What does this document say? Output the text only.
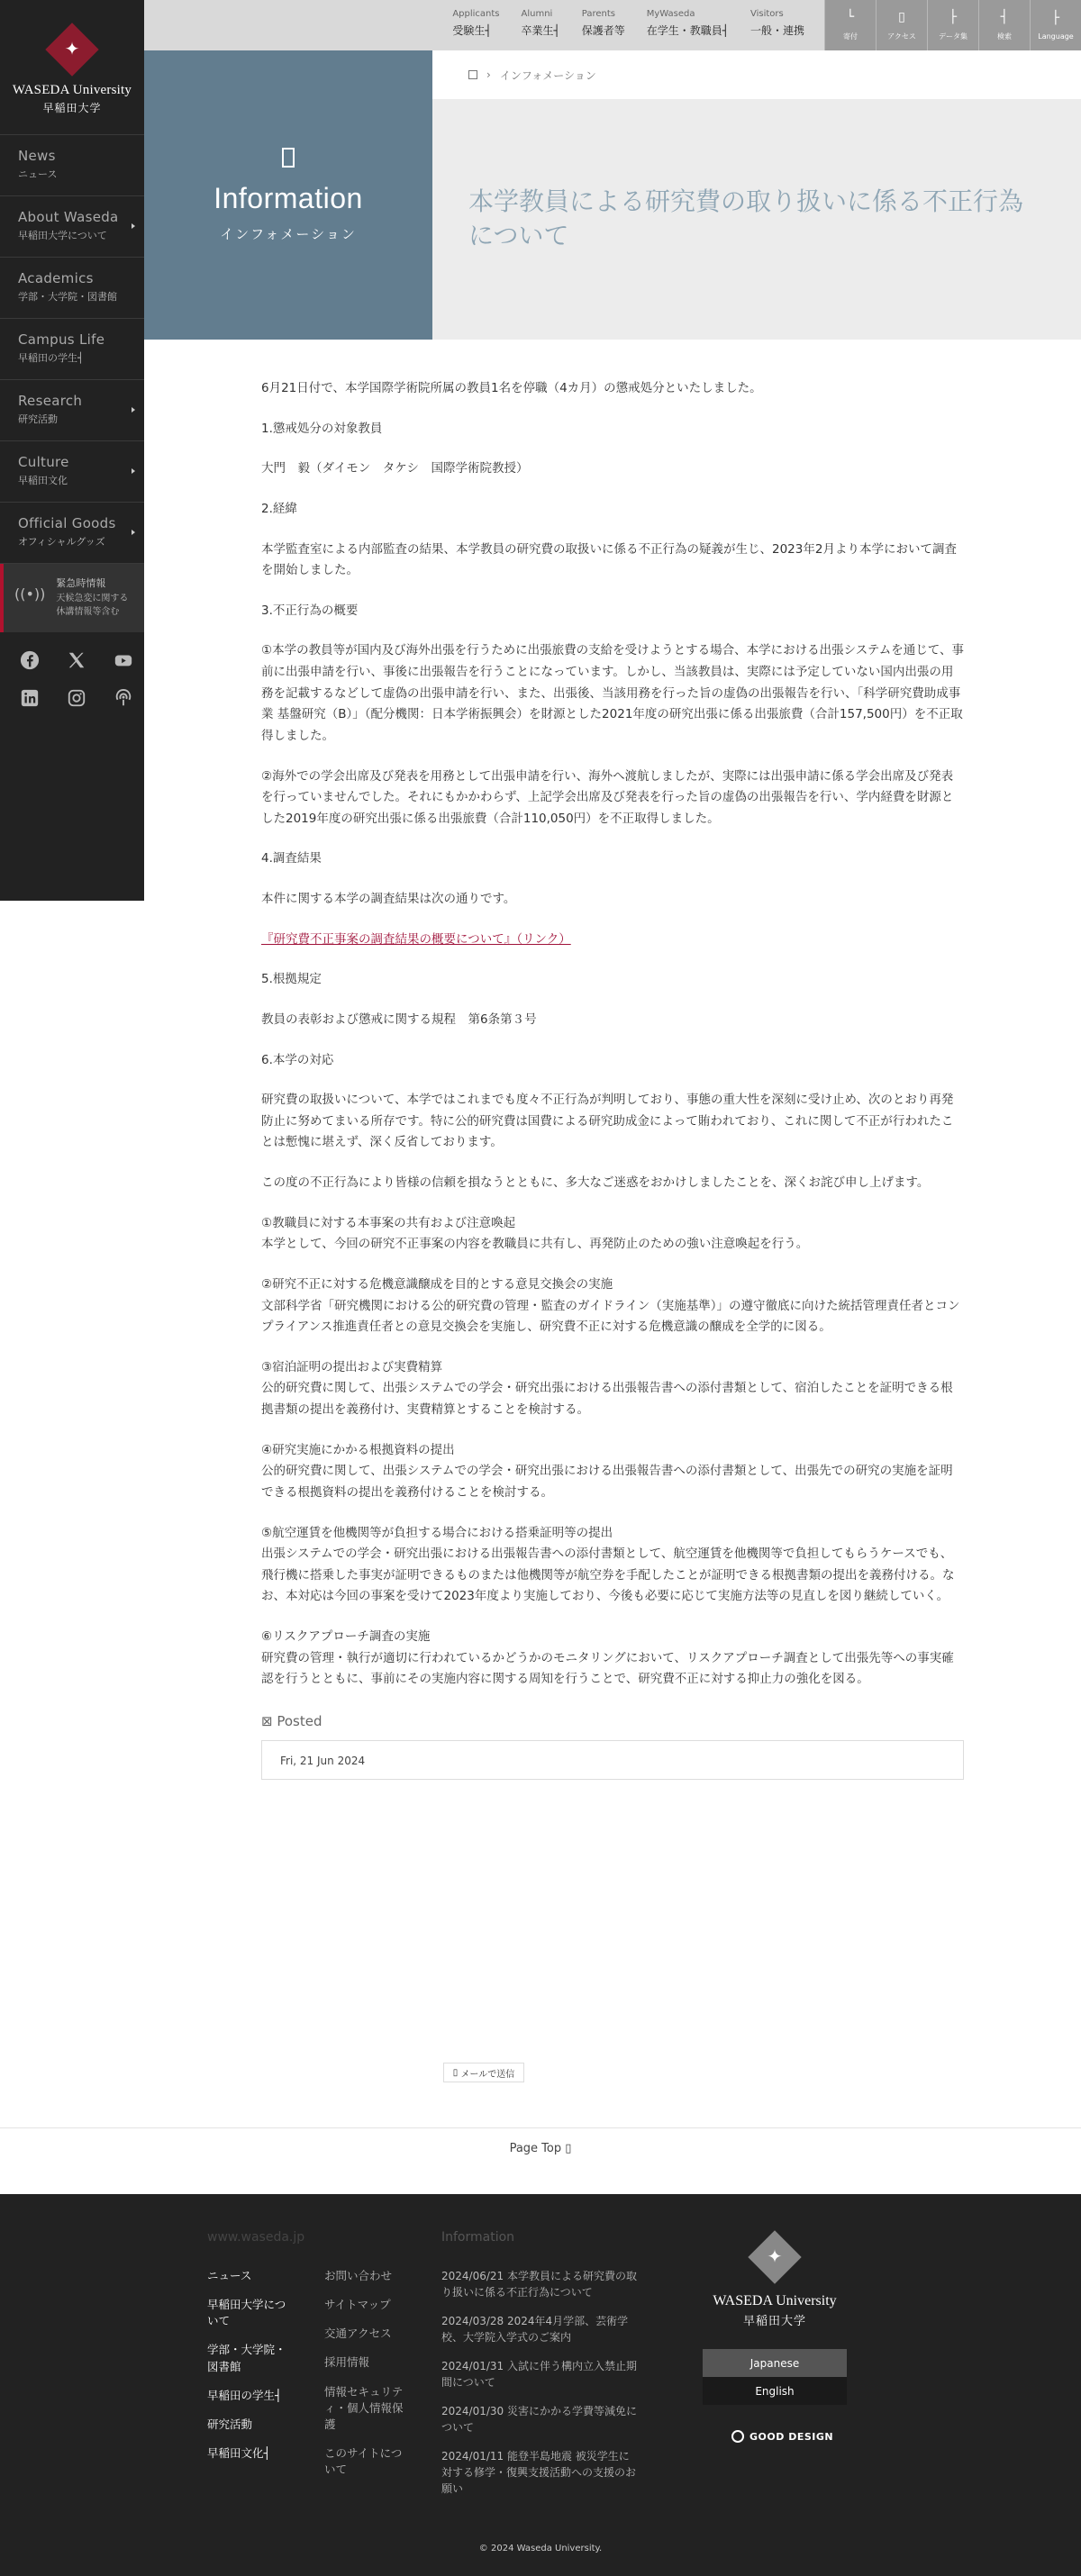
✦
WASEDA University
早稲田大学
News
ニュース
About Waseda
早稲田大学について
Academics
学部・大学院・図書館
Campus Life
早稲田の学生┤
Research
研究活動
Culture
早稲田文化
Official Goods
オフィシャルグッズ
((•))
緊急時情報
天候急変に関する
休講情報等含む
Applicants
受験生┤
Alumni
卒業生┤
Parents
保護者等
MyWaseda
在学生・教職員┤
Visitors
一般・連携
└
寄付
▯
アクセス
├
データ集
┤
検索
├
Language
Information
インフォメーション
› インフォメーション
本学教員による研究費の取り扱いに係る不正行為について

6月21日付で、本学国際学術院所属の教員1名を停職（4カ月）の懲戒処分といたしました。

1.懲戒処分の対象教員

大門　毅（ダイモン　タケシ　国際学術院教授）

2.経緯

本学監査室による内部監査の結果、本学教員の研究費の取扱いに係る不正行為の疑義が生じ、2023年2月より本学において調査を開始しました。

3.不正行為の概要

①本学の教員等が国内及び海外出張を行うために出張旅費の支給を受けようとする場合、本学における出張システムを通じて、事前に出張申請を行い、事後に出張報告を行うことになっています。しかし、当該教員は、実際には予定していない国内出張の用務を記載するなどして虚偽の出張申請を行い、また、出張後、当該用務を行った旨の虚偽の出張報告を行い、「科学研究費助成事業 基盤研究（B）」（配分機関：日本学術振興会）を財源とした2021年度の研究出張に係る出張旅費（合計157,500円）を不正取得しました。

②海外での学会出席及び発表を用務として出張申請を行い、海外へ渡航しましたが、実際には出張申請に係る学会出席及び発表を行っていませんでした。それにもかかわらず、上記学会出席及び発表を行った旨の虚偽の出張報告を行い、学内経費を財源とした2019年度の研究出張に係る出張旅費（合計110,050円）を不正取得しました。

4.調査結果

本件に関する本学の調査結果は次の通りです。

『研究費不正事案の調査結果の概要について』（リンク）

5.根拠規定

教員の表彰および懲戒に関する規程　第6条第３号

6.本学の対応

研究費の取扱いについて、本学ではこれまでも度々不正行為が判明しており、事態の重大性を深刻に受け止め、次のとおり再発防止に努めてまいる所存です。特に公的研究費は国費による研究助成金によって賄われており、これに関して不正が行われたことは慙愧に堪えず、深く反省しております。

この度の不正行為により皆様の信頼を損なうとともに、多大なご迷惑をおかけしましたことを、深くお詫び申し上げます。

①教職員に対する本事案の共有および注意喚起

本学として、今回の研究不正事案の内容を教職員に共有し、再発防止のための強い注意喚起を行う。

②研究不正に対する危機意識醸成を目的とする意見交換会の実施

文部科学省「研究機関における公的研究費の管理・監査のガイドライン（実施基準）」の遵守徹底に向けた統括管理責任者とコンプライアンス推進責任者との意見交換会を実施し、研究費不正に対する危機意識の醸成を全学的に図る。

③宿泊証明の提出および実費精算

公的研究費に関して、出張システムでの学会・研究出張における出張報告書への添付書類として、宿泊したことを証明できる根拠書類の提出を義務付け、実費精算とすることを検討する。

④研究実施にかかる根拠資料の提出

公的研究費に関して、出張システムでの学会・研究出張における出張報告書への添付書類として、出張先での研究の実施を証明できる根拠資料の提出を義務付けることを検討する。

⑤航空運賃を他機関等が負担する場合における搭乗証明等の提出

出張システムでの学会・研究出張における出張報告書への添付書類として、航空運賃を他機関等で負担してもらうケースでも、飛行機に搭乗した事実が証明できるものまたは他機関等が航空券を手配したことが証明できる根拠書類の提出を義務付ける。なお、本対応は今回の事案を受けて2023年度より実施しており、今後も必要に応じて実施方法等の見直しを図り継続していく。

⑥リスクアプローチ調査の実施

研究費の管理・執行が適切に行われているかどうかのモニタリングにおいて、リスクアプローチ調査として出張先等への事実確認を行うとともに、事前にその実施内容に関する周知を行うことで、研究費不正に対する抑止力の強化を図る。

⊠ Posted
Fri, 21 Jun 2024
▯ メールで送信
Page Top ▯
www.waseda.jp
ニュース
早稲田大学について
学部・大学院・図書館
早稲田の学生┤
研究活動
早稲田文化┤
お問い合わせ
サイトマップ
交通アクセス
採用情報
情報セキュリティ・個人情報保護
このサイトについて
Information
2024/06/21 本学教員による研究費の取り扱いに係る不正行為について
2024/03/28 2024年4月学部、芸術学校、大学院入学式のご案内
2024/01/31 入試に伴う構内立入禁止期間について
2024/01/30 災害にかかる学費等減免について
2024/01/11 能登半島地震 被災学生に対する修学・復興支援活動への支援のお願い
✦
WASEDA University
早稲田大学
Japanese
English
GOOD DESIGN
© 2024 Waseda University.
